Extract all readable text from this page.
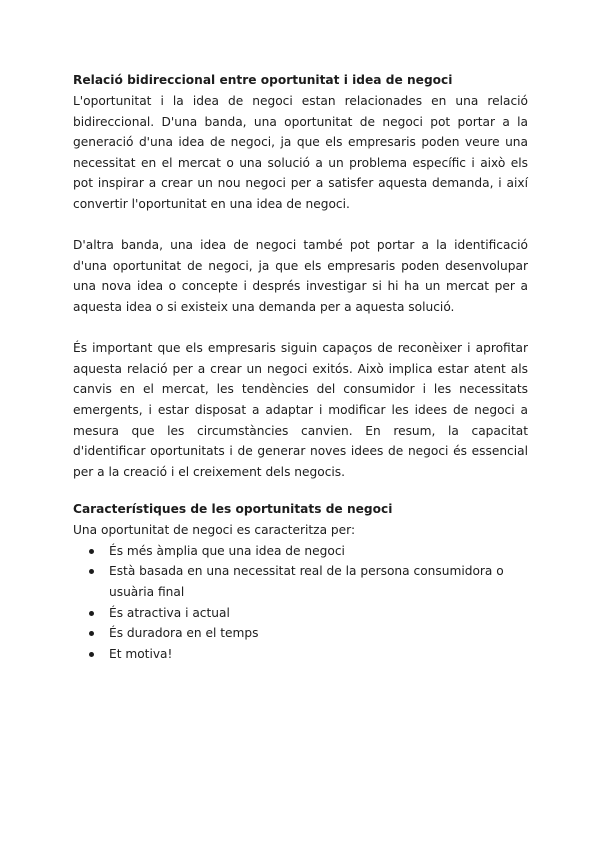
Relació bidireccional entre oportunitat i idea de negoci

L'oportunitat i la idea de negoci estan relacionades en una relació bidireccional. D'una banda, una oportunitat de negoci pot portar a la generació d'una idea de negoci, ja que els empresaris poden veure una necessitat en el mercat o una solució a un problema específic i això els pot inspirar a crear un nou negoci per a satisfer aquesta demanda, i així convertir l'oportunitat en una idea de negoci.

D'altra banda, una idea de negoci també pot portar a la identificació d'una oportunitat de negoci, ja que els empresaris poden desenvolupar una nova idea o concepte i després investigar si hi ha un mercat per a aquesta idea o si existeix una demanda per a aquesta solució.

És important que els empresaris siguin capaços de reconèixer i aprofitar aquesta relació per a crear un negoci exitós. Això implica estar atent als canvis en el mercat, les tendències del consumidor i les necessitats emergents, i estar disposat a adaptar i modificar les idees de negoci a mesura que les circumstàncies canvien. En resum, la capacitat d'identificar oportunitats i de generar noves idees de negoci és essencial per a la creació i el creixement dels negocis.

Característiques de les oportunitats de negoci

Una oportunitat de negoci es caracteritza per:

És més àmplia que una idea de negoci
Està basada en una necessitat real de la persona consumidora o usuària final
És atractiva i actual
És duradora en el temps
Et motiva!
